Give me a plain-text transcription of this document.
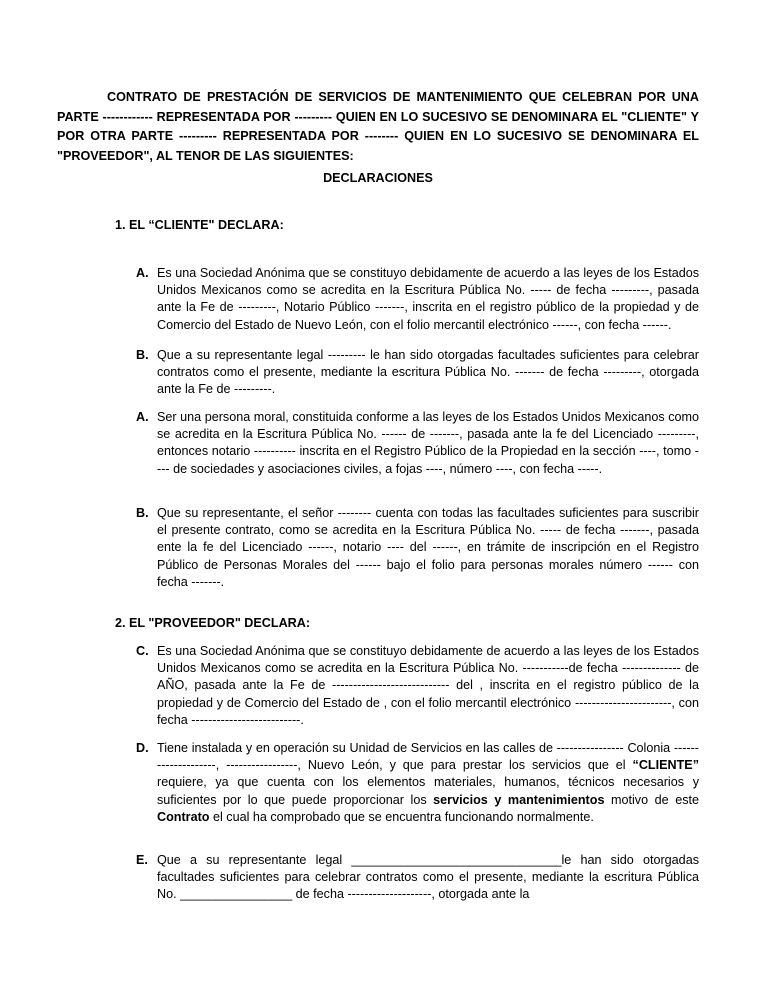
CONTRATO DE PRESTACIÓN DE SERVICIOS DE MANTENIMIENTO QUE CELEBRAN POR UNA PARTE ------------ REPRESENTADA POR --------- QUIEN EN LO SUCESIVO SE DENOMINARA EL "CLIENTE" Y POR OTRA PARTE --------- REPRESENTADA POR -------- QUIEN EN LO SUCESIVO SE DENOMINARA EL "PROVEEDOR", AL TENOR DE LAS SIGUIENTES:

DECLARACIONES

1. EL “CLIENTE" DECLARA:

A. Es una Sociedad Anónima que se constituyo debidamente de acuerdo a las leyes de los Estados Unidos Mexicanos como se acredita en la Escritura Pública No. ----- de fecha ---------, pasada ante la Fe de ---------, Notario Público -------, inscrita en el registro público de la propiedad y de Comercio del Estado de Nuevo León, con el folio mercantil electrónico ------, con fecha ------.
B. Que a su representante legal --------- le han sido otorgadas facultades suficientes para celebrar contratos como el presente, mediante la escritura Pública No. ------- de fecha ---------, otorgada ante la Fe de ---------.
A. Ser una persona moral, constituida conforme a las leyes de los Estados Unidos Mexicanos como se acredita en la Escritura Pública No. ------ de -------, pasada ante la fe del Licenciado ---------, entonces notario ---------- inscrita en el Registro Público de la Propiedad en la sección ----, tomo ---- de sociedades y asociaciones civiles, a fojas ----, número ----, con fecha -----.
B. Que su representante, el señor -------- cuenta con todas las facultades suficientes para suscribir el presente contrato, como se acredita en la Escritura Pública No. ----- de fecha -------, pasada ente la fe del Licenciado ------, notario ---- del ------, en trámite de inscripción en el Registro Público de Personas Morales del ------ bajo el folio para personas morales número ------ con fecha -------.

2. EL "PROVEEDOR" DECLARA:

C. Es una Sociedad Anónima que se constituyo debidamente de acuerdo a las leyes de los Estados Unidos Mexicanos como se acredita en la Escritura Pública No. -----------de fecha -------------- de AÑO, pasada ante la Fe de ---------------------------- del , inscrita en el registro público de la propiedad y de Comercio del Estado de , con el folio mercantil electrónico -----------------------, con fecha --------------------------.
D. Tiene instalada y en operación su Unidad de Servicios en las calles de ---------------- Colonia --------------------, -----------------, Nuevo León, y que para prestar los servicios que el “CLIENTE” requiere, ya que cuenta con los elementos materiales, humanos, técnicos necesarios y suficientes por lo que puede proporcionar los servicios y mantenimientos motivo de este Contrato el cual ha comprobado que se encuentra funcionando normalmente.
E. Que a su representante legal ______________________________le han sido otorgadas facultades suficientes para celebrar contratos como el presente, mediante la escritura Pública No. ________________ de fecha --------------------, otorgada ante la
